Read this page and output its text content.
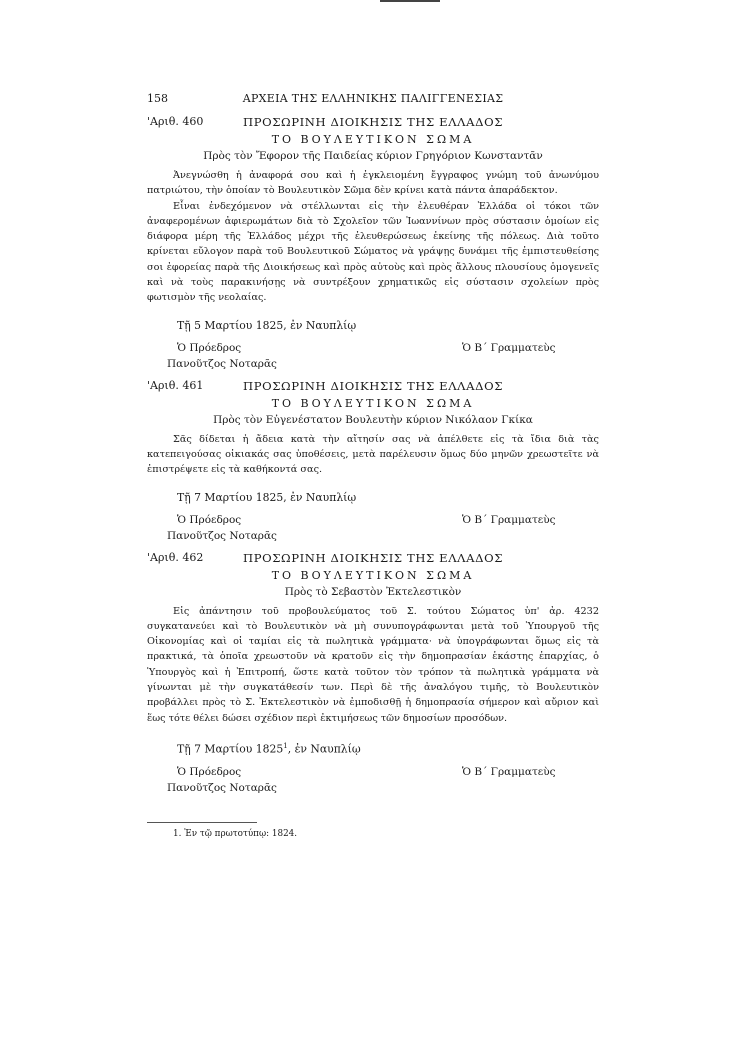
158	ΑΡΧΕΙΑ ΤΗΣ ΕΛΛΗΝΙΚΗΣ ΠΑΛΙΓΓΕΝΕΣΙΑΣ
'Αριθ. 460	ΠΡΟΣΩΡΙΝΗ ΔΙΟΙΚΗΣΙΣ ΤΗΣ ΕΛΛΑΔΟΣ
ΤΟ ΒΟΥΛΕΥΤΙΚΟΝ ΣΩΜΑ
Πρὸς τὸν Ἔφορον τῆς Παιδείας κύριον Γρηγόριον Κωνσταντᾶν

Ἀνεγνώσθη ἡ ἀναφορά σου καὶ ἡ ἐγκλειομένη ἔγγραφος γνώμη τοῦ ἀνωνύμου πατριώτου, τὴν ὁποίαν τὸ Βουλευτικὸν Σῶμα δὲν κρίνει κατὰ πάντα ἀπαράδεκτον.

Εἶναι ἐνδεχόμενον νὰ στέλλωνται εἰς τὴν ἐλευθέραν Ἑλλάδα οἱ τόκοι τῶν ἀναφερομένων ἀφιερωμάτων διὰ τὸ Σχολεῖον τῶν Ἰωαννίνων πρὸς σύστασιν ὁμοίων εἰς διάφορα μέρη τῆς Ἑλλάδος μέχρι τῆς ἐλευθερώσεως ἐκείνης τῆς πόλεως. Διὰ τοῦτο κρίνεται εὔλογον παρὰ τοῦ Βουλευτικοῦ Σώματος νὰ γράψῃς δυνάμει τῆς ἐμπιστευθείσης σοι ἐφορείας παρὰ τῆς Διοικήσεως καὶ πρὸς αὐτοὺς καὶ πρὸς ἄλλους πλουσίους ὁμογενεῖς καὶ νὰ τοὺς παρακινήσῃς νὰ συντρέξουν χρηματικῶς εἰς σύστασιν σχολείων πρὸς φωτισμὸν τῆς νεολαίας.

Τῇ 5 Μαρτίου 1825, ἐν Ναυπλίῳ
Ὁ Πρόεδρος	Ὁ Β΄ Γραμματεὺς
Πανοῦτζος Νοταρᾶς
'Αριθ. 461	ΠΡΟΣΩΡΙΝΗ ΔΙΟΙΚΗΣΙΣ ΤΗΣ ΕΛΛΑΔΟΣ
ΤΟ ΒΟΥΛΕΥΤΙΚΟΝ ΣΩΜΑ
Πρὸς τὸν Εὐγενέστατον Βουλευτὴν κύριον Νικόλαον Γκίκα

Σᾶς δίδεται ἡ ἄδεια κατὰ τὴν αἴτησίν σας νὰ ἀπέλθετε εἰς τὰ ἴδια διὰ τὰς κατεπειγούσας οἰκιακάς σας ὑποθέσεις, μετὰ παρέλευσιν ὅμως δύο μηνῶν χρεωστεῖτε νὰ ἐπιστρέψετε εἰς τὰ καθήκοντά σας.

Τῇ 7 Μαρτίου 1825, ἐν Ναυπλίῳ
Ὁ Πρόεδρος	Ὁ Β΄ Γραμματεὺς
Πανοῦτζος Νοταρᾶς
'Αριθ. 462	ΠΡΟΣΩΡΙΝΗ ΔΙΟΙΚΗΣΙΣ ΤΗΣ ΕΛΛΑΔΟΣ
ΤΟ ΒΟΥΛΕΥΤΙΚΟΝ ΣΩΜΑ
Πρὸς τὸ Σεβαστὸν Ἐκτελεστικὸν

Εἰς ἀπάντησιν τοῦ προβουλεύματος τοῦ Σ. τούτου Σώματος ὑπ' ἀρ. 4232 συγκατανεύει καὶ τὸ Βουλευτικὸν νὰ μὴ συνυπογράφωνται μετὰ τοῦ Ὑπουργοῦ τῆς Οἰκονομίας καὶ οἱ ταμίαι εἰς τὰ πωλητικὰ γράμματα· νὰ ὑπογράφωνται ὅμως εἰς τὰ πρακτικά, τὰ ὁποῖα χρεωστοῦν νὰ κρατοῦν εἰς τὴν δημοπρασίαν ἑκάστης ἐπαρχίας, ὁ Ὑπουργὸς καὶ ἡ Ἐπιτροπή, ὥστε κατὰ τοῦτον τὸν τρόπον τὰ πωλητικὰ γράμματα νὰ γίνωνται μὲ τὴν συγκατάθεσίν των. Περὶ δὲ τῆς ἀναλόγου τιμῆς, τὸ Βουλευτικὸν προβάλλει πρὸς τὸ Σ. Ἐκτελεστικὸν νὰ ἐμποδισθῇ ἡ δημοπρασία σήμερον καὶ αὔριον καὶ ἕως τότε θέλει δώσει σχέδιον περὶ ἐκτιμήσεως τῶν δημοσίων προσόδων.

Τῇ 7 Μαρτίου 1825$^1$, ἐν Ναυπλίῳ
Ὁ Πρόεδρος	Ὁ Β΄ Γραμματεὺς
Πανοῦτζος Νοταρᾶς
1. Ἐν τῷ πρωτοτύπῳ: 1824.
